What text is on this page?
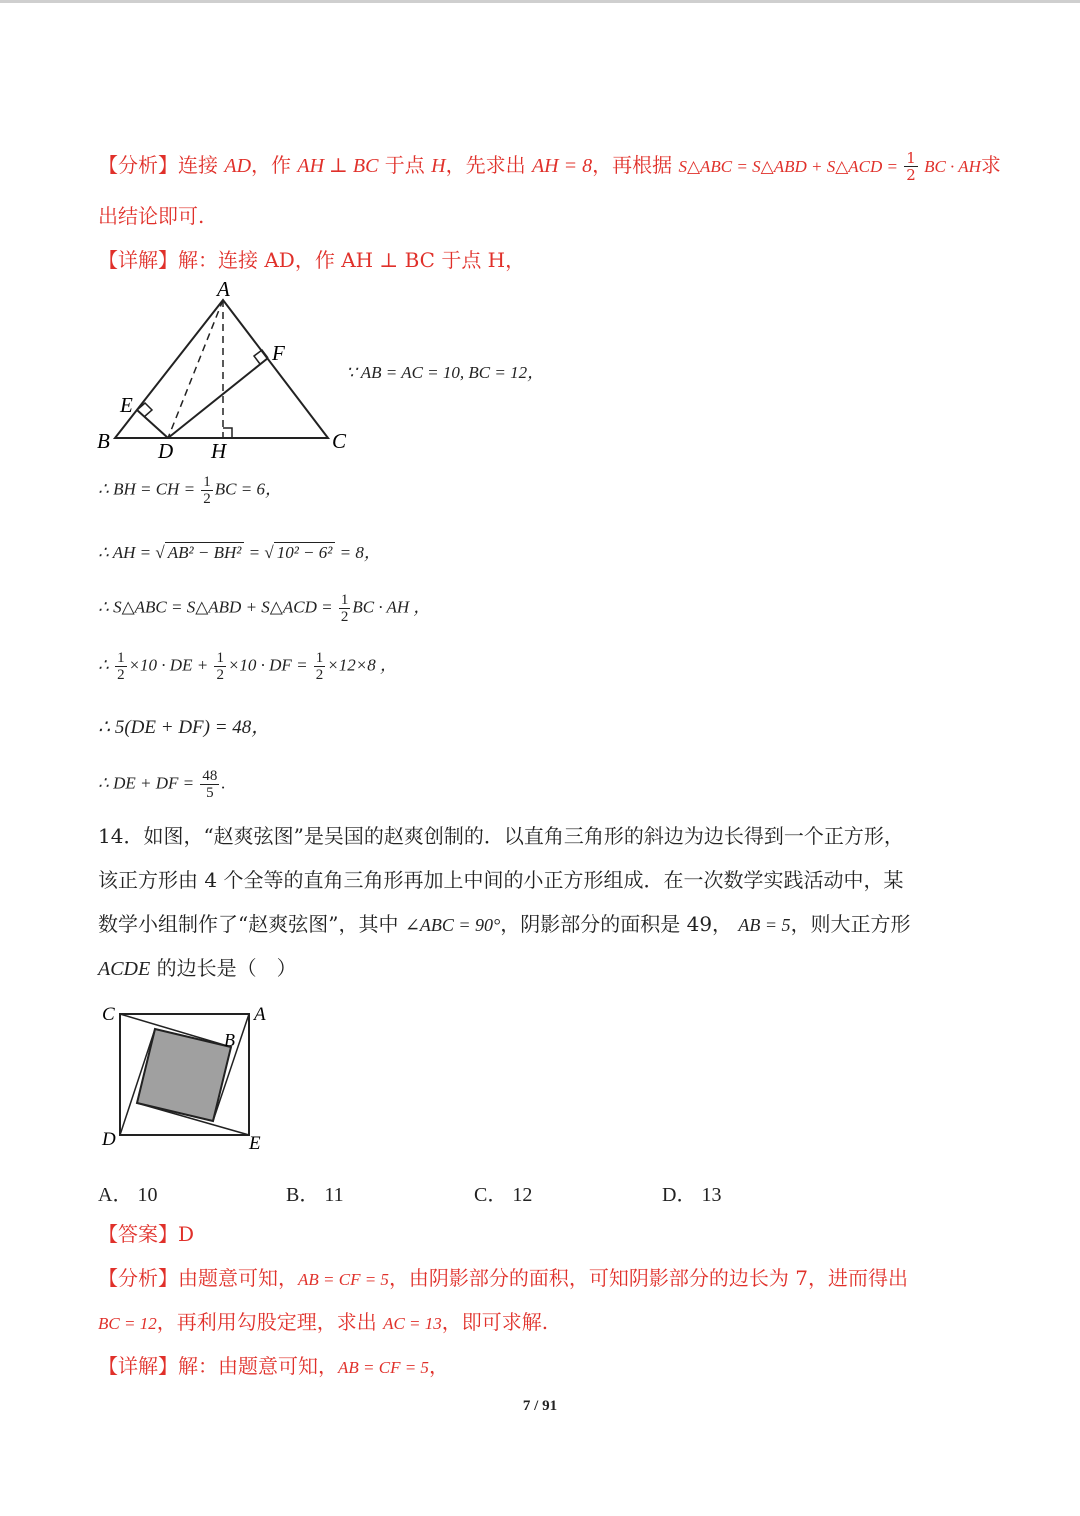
【分析】连接 AD，作 AH ⊥ BC 于点 H，先求出 AH = 8，再根据 S△ABC = S△ABD + S△ACD = $\frac{1}{2}$ BC · AH求
出结论即可.
【详解】解：连接 AD，作 AH ⊥ BC 于点 H，
A
B	C
D
E
F
H
∵ AB = AC = 10, BC = 12，
∴ BH = CH = $\frac{1}{2}$ BC = 6，
∴ AH = √ AB² − BH² = √ 10² − 6² = 8，
∴ S△ABC = S△ABD + S△ACD = $\frac{1}{2}$ BC · AH ，
∴ $\frac{1}{2} \times 10$ · DE + $\frac{1}{2} \times 10$ · DF = $\frac{1}{2} \times 12\times 8$ ，
∴ 5(DE + DF) = 48，
∴ DE + DF = $\frac{48}{5}$ .
14．如图，“赵爽弦图”是吴国的赵爽创制的．以直角三角形的斜边为边长得到一个正方形，
该正方形由 4 个全等的直角三角形再加上中间的小正方形组成．在一次数学实践活动中，某
数学小组制作了“赵爽弦图”，其中 ∠ABC = 90°，阴影部分的面积是 49， AB = 5，则大正方形
ACDE 的边长是（　）
C	A
B
D	E
A． 10	B． 11	C． 12	D． 13
【答案】D
【分析】由题意可知，AB = CF = 5，由阴影部分的面积，可知阴影部分的边长为 7，进而得出
BC = 12，再利用勾股定理，求出 AC = 13，即可求解.
【详解】解：由题意可知，AB = CF = 5，
7 / 91
